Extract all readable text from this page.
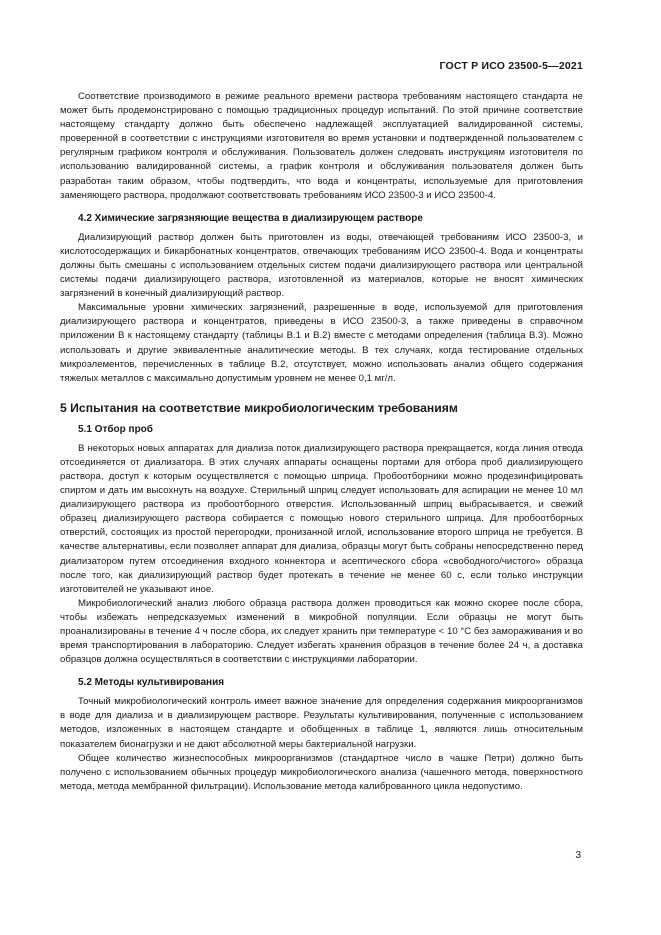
ГОСТ Р ИСО 23500-5—2021

Соответствие производимого в режиме реального времени раствора требованиям настоящего стандарта не может быть продемонстрировано с помощью традиционных процедур испытаний. По этой причине соответствие настоящему стандарту должно быть обеспечено надлежащей эксплуатацией валидированной системы, проверенной в соответствии с инструкциями изготовителя во время установки и подтвержденной пользователем с регулярным графиком контроля и обслуживания. Пользователь должен следовать инструкциям изготовителя по использованию валидированной системы, а график контроля и обслуживания пользователя должен быть разработан таким образом, чтобы подтвердить, что вода и концентраты, используемые для приготовления заменяющего раствора, продолжают соответствовать требованиям ИСО 23500-3 и ИСО 23500-4.

4.2 Химические загрязняющие вещества в диализирующем растворе

Диализирующий раствор должен быть приготовлен из воды, отвечающей требованиям ИСО 23500-3, и кислотосодержащих и бикарбонатных концентратов, отвечающих требованиям ИСО 23500-4. Вода и концентраты должны быть смешаны с использованием отдельных систем подачи диализирующего раствора или центральной системы подачи диализирующего раствора, изготовленной из материалов, которые не вносят химических загрязнений в конечный диализирующий раствор.

Максимальные уровни химических загрязнений, разрешенные в воде, используемой для приготовления диализирующего раствора и концентратов, приведены в ИСО 23500-3, а также приведены в справочном приложении В к настоящему стандарту (таблицы В.1 и В.2) вместе с методами определения (таблица В.3). Можно использовать и другие эквивалентные аналитические методы. В тех случаях, когда тестирование отдельных микроэлементов, перечисленных в таблице В.2, отсутствует, можно использовать анализ общего содержания тяжелых металлов с максимально допустимым уровнем не менее 0,1 мг/л.

5 Испытания на соответствие микробиологическим требованиям
5.1 Отбор проб

В некоторых новых аппаратах для диализа поток диализирующего раствора прекращается, когда линия отвода отсоединяется от диализатора. В этих случаях аппараты оснащены портами для отбора проб диализирующего раствора, доступ к которым осуществляется с помощью шприца. Пробоотборники можно продезинфицировать спиртом и дать им высохнуть на воздухе. Стерильный шприц следует использовать для аспирации не менее 10 мл диализирующего раствора из пробоотборного отверстия. Использованный шприц выбрасывается, и свежий образец диализирующего раствора собирается с помощью нового стерильного шприца. Для пробоотборных отверстий, состоящих из простой перегородки, пронизанной иглой, использование второго шприца не требуется. В качестве альтернативы, если позволяет аппарат для диализа, образцы могут быть собраны непосредственно перед диализатором путем отсоединения входного коннектора и асептического сбора «свободного/чистого» образца после того, как диализирующий раствор будет протекать в течение не менее 60 с, если только инструкции изготовителей не указывают иное.

Микробиологический анализ любого образца раствора должен проводиться как можно скорее после сбора, чтобы избежать непредсказуемых изменений в микробной популяции. Если образцы не могут быть проанализированы в течение 4 ч после сбора, их следует хранить при температуре < 10 °С без замораживания и во время транспортирования в лабораторию. Следует избегать хранения образцов в течение более 24 ч, а доставка образцов должна осуществляться в соответствии с инструкциями лаборатории.

5.2 Методы культивирования

Точный микробиологический контроль имеет важное значение для определения содержания микроорганизмов в воде для диализа и в диализирующем растворе. Результаты культивирования, полученные с использованием методов, изложенных в настоящем стандарте и обобщенных в таблице 1, являются лишь относительным показателем бионагрузки и не дают абсолютной меры бактериальной нагрузки.

Общее количество жизнеспособных микроорганизмов (стандартное число в чашке Петри) должно быть получено с использованием обычных процедур микробиологического анализа (чашечного метода, поверхностного метода, метода мембранной фильтрации). Использование метода калиброванного цикла недопустимо.

3
